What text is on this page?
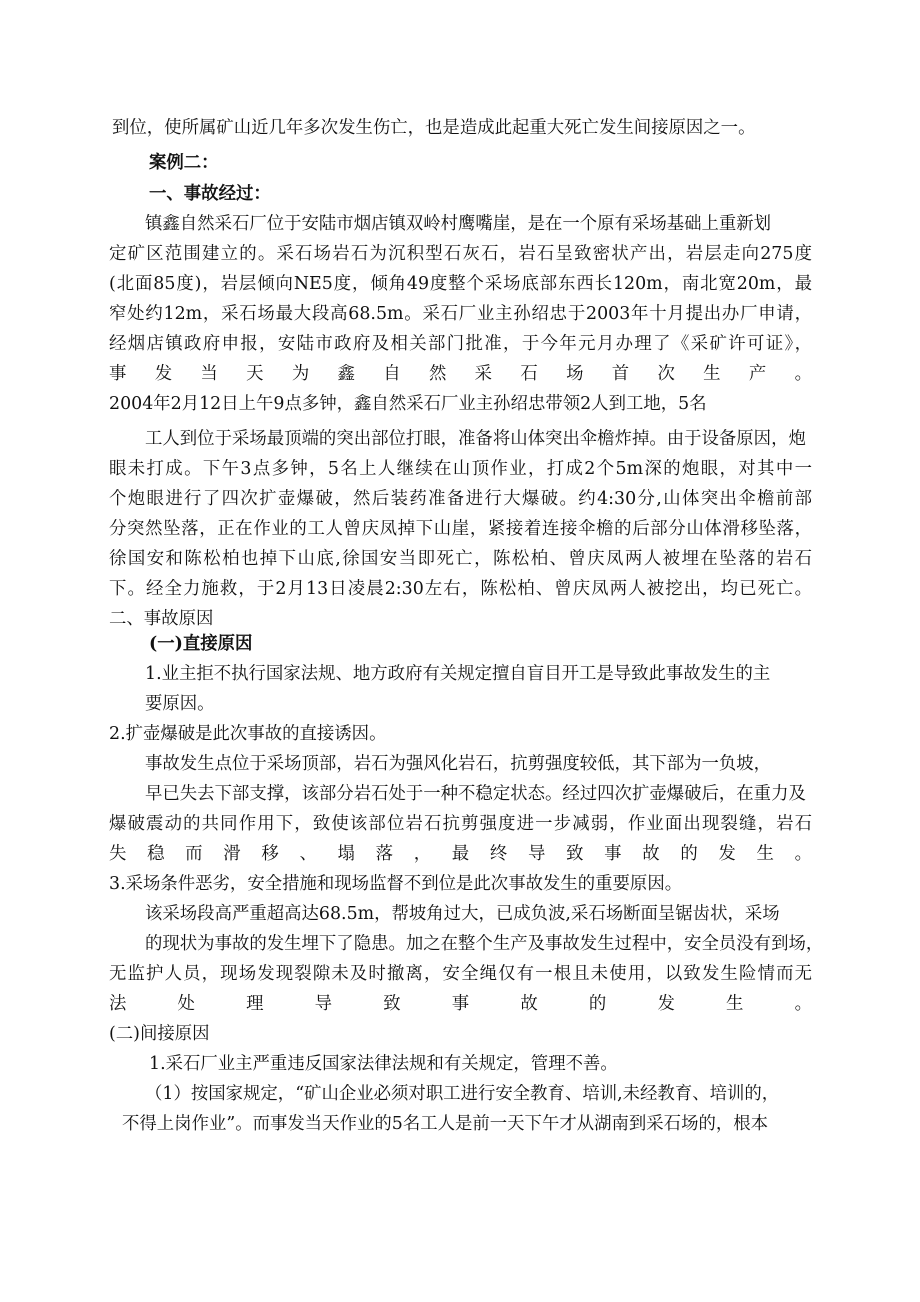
到位，使所属矿山近几年多次发生伤亡，也是造成此起重大死亡发生间接原因之一。
案例二：
一、事故经过：
镇鑫自然采石厂位于安陆市烟店镇双岭村鹰嘴崖，是在一个原有采场基础上重新划
定矿区范围建立的。采石场岩石为沉积型石灰石，岩石呈致密状产出，岩层走向275度
(北面85度)，岩层倾向NE5度，倾角49度整个采场底部东西长120m，南北宽20m，最
窄处约12m，采石场最大段高68.5m。采石厂业主孙绍忠于2003年十月提出办厂申请，
经烟店镇政府申报，安陆市政府及相关部门批准，于今年元月办理了《采矿许可证》，
事发当天为鑫自然采石场首次生产。
2004年2月12日上午9点多钟，鑫自然采石厂业主孙绍忠带领2人到工地，5名
工人到位于采场最顶端的突出部位打眼，准备将山体突出伞檐炸掉。由于设备原因，炮
眼未打成。下午3点多钟，5名上人继续在山顶作业，打成2个5m深的炮眼，对其中一
个炮眼进行了四次扩壶爆破，然后装药准备进行大爆破。约4:30分,山体突出伞檐前部
分突然坠落，正在作业的工人曾庆凤掉下山崖，紧接着连接伞檐的后部分山体滑移坠落，
徐国安和陈松柏也掉下山底,徐国安当即死亡，陈松柏、曾庆凤两人被埋在坠落的岩石
下。经全力施救，于2月13日凌晨2:30左右，陈松柏、曾庆凤两人被挖出，均已死亡。
二、事故原因
(一)直接原因
1.业主拒不执行国家法规、地方政府有关规定擅自盲目开工是导致此事故发生的主
要原因。
2.扩壶爆破是此次事故的直接诱因。
事故发生点位于采场顶部，岩石为强风化岩石，抗剪强度较低，其下部为一负坡，
早已失去下部支撑，该部分岩石处于一种不稳定状态。经过四次扩壶爆破后，在重力及
爆破震动的共同作用下，致使该部位岩石抗剪强度进一步减弱，作业面出现裂缝，岩石
失稳而滑移、塌落，最终导致事故的发生。
3.采场条件恶劣，安全措施和现场监督不到位是此次事故发生的重要原因。
该采场段高严重超高达68.5m，帮坡角过大，已成负波,采石场断面呈锯齿状，采场
的现状为事故的发生埋下了隐患。加之在整个生产及事故发生过程中，安全员没有到场，
无监护人员，现场发现裂隙未及时撤离，安全绳仅有一根且未使用，以致发生险情而无
法处理导致事故的发生。
(二)间接原因
1.采石厂业主严重违反国家法律法规和有关规定，管理不善。
（1）按国家规定，“矿山企业必须对职工进行安全教育、培训,未经教育、培训的，
不得上岗作业”。而事发当天作业的5名工人是前一天下午才从湖南到采石场的，根本
